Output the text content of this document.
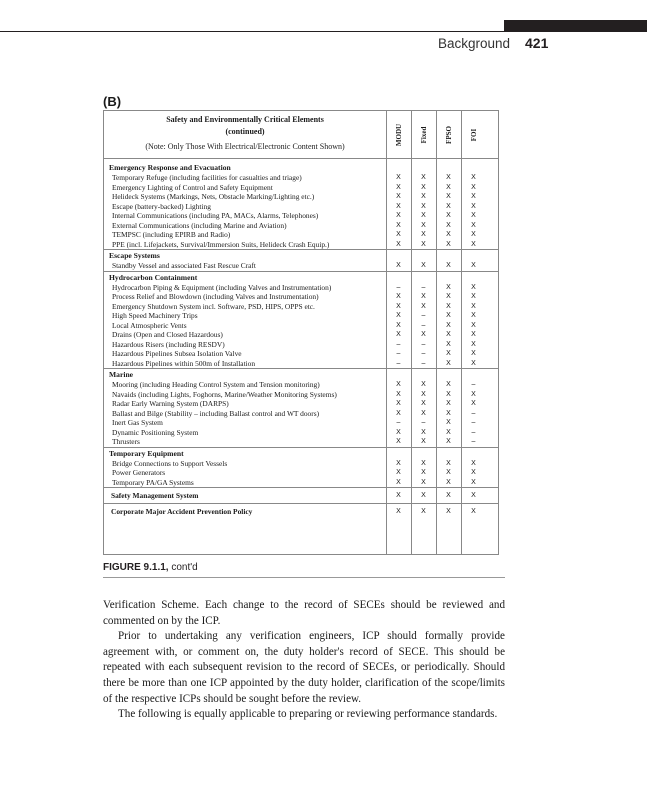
Background 421
(B)
Safety and Environmentally Critical Elements
(continued)
(Note: Only Those With Electrical/Electronic Content Shown)
MODU Fixed FPSO FOI
Emergency Response and Evacuation
Temporary Refuge (including facilities for casualties and triage)	X	X	X	X
Emergency Lighting of Control and Safety Equipment	X	X	X	X
Helideck Systems (Markings, Nets, Obstacle Marking/Lighting etc.)	X	X	X	X
Escape (battery-backed) Lighting	X	X	X	X
Internal Communications (including PA, MACs, Alarms, Telephones)	X	X	X	X
External Communications (including Marine and Aviation)	X	X	X	X
TEMPSC (including EPIRB and Radio)	X	X	X	X
PPE (incl. Lifejackets, Survival/Immersion Suits, Helideck Crash Equip.)	X	X	X	X
Escape Systems
Standby Vessel and associated Fast Rescue Craft	X	X	X	X
Hydrocarbon Containment
Hydrocarbon Piping & Equipment (including Valves and Instrumentation)	–	–	X	X
Process Relief and Blowdown (including Valves and Instrumentation)	X	X	X	X
Emergency Shutdown System incl. Software, PSD, HIPS, OPPS etc.	X	X	X	X
High Speed Machinery Trips	X	–	X	X
Local Atmospheric Vents	X	–	X	X
Drains (Open and Closed Hazardous)	X	X	X	X
Hazardous Risers (including RESDV)	–	–	X	X
Hazardous Pipelines Subsea Isolation Valve	–	–	X	X
Hazardous Pipelines within 500m of Installation	–	–	X	X
Marine
Mooring (including Heading Control System and Tension monitoring)	X	X	X	–
Navaids (including Lights, Foghorns, Marine/Weather Monitoring Systems)	X	X	X	X
Radar Early Warning System (DARPS)	X	X	X	X
Ballast and Bilge (Stability – including Ballast control and WT doors)	X	X	X	–
Inert Gas System	–	–	X	–
Dynamic Positioning System	X	X	X	–
Thrusters	X	X	X	–
Temporary Equipment
Bridge Connections to Support Vessels	X	X	X	X
Power Generators	X	X	X	X
Temporary PA/GA Systems	X	X	X	X
Safety Management System	X	X	X	X
Corporate Major Accident Prevention Policy	X	X	X	X
FIGURE 9.1.1, cont'd
Verification Scheme. Each change to the record of SECEs should be reviewed and commented on by the ICP.
Prior to undertaking any verification engineers, ICP should formally provide agreement with, or comment on, the duty holder's record of SECE. This should be repeated with each subsequent revision to the record of SECEs, or periodically. Should there be more than one ICP appointed by the duty holder, clarification of the scope/limits of the respective ICPs should be sought before the review.
The following is equally applicable to preparing or reviewing performance standards.
